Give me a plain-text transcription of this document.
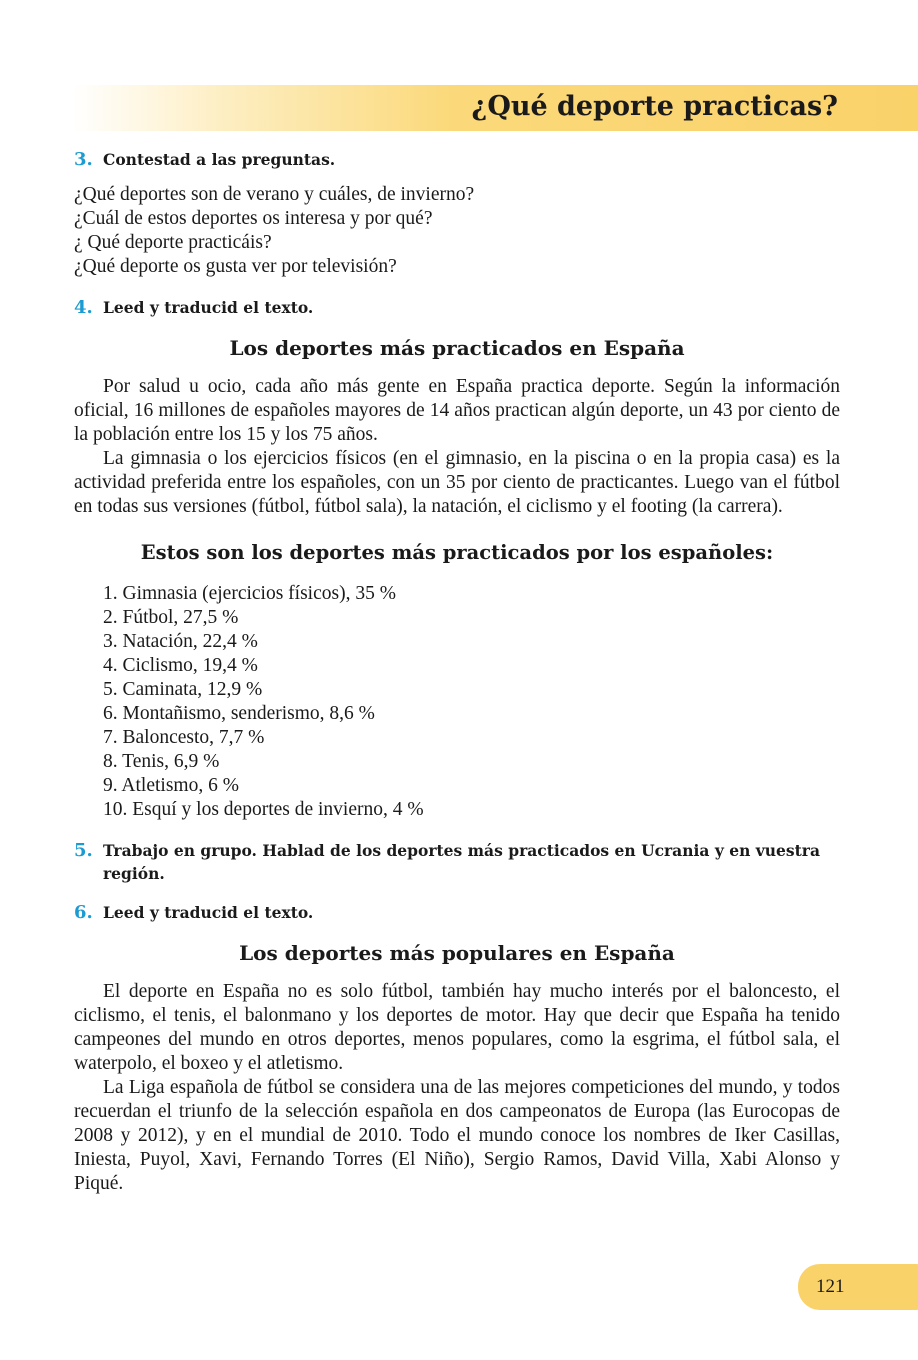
¿Qué deporte practicas?
3. Contestad a las preguntas.
¿Qué deportes son de verano y cuáles, de invierno?
¿Cuál de estos deportes os interesa y por qué?
¿ Qué deporte practicáis?
¿Qué deporte os gusta ver por televisión?
4. Leed y traducid el texto.
Los deportes más practicados en España

Por salud u ocio, cada año más gente en España practica deporte. Según la información oficial, 16 millones de españoles mayores de 14 años practican algún deporte, un 43 por ciento de la población entre los 15 y los 75 años.

La gimnasia o los ejercicios físicos (en el gimnasio, en la piscina o en la propia casa) es la actividad preferida entre los españoles, con un 35 por ciento de practicantes. Luego van el fútbol en todas sus versiones (fútbol, fútbol sala), la natación, el ciclismo y el footing (la carrera).

Estos son los deportes más practicados por los españoles:
1. Gimnasia (ejercicios físicos), 35 %
2. Fútbol, 27,5 %
3. Natación, 22,4 %
4. Ciclismo, 19,4 %
5. Caminata, 12,9 %
6. Montañismo, senderismo, 8,6 %
7. Baloncesto, 7,7 %
8. Tenis, 6,9 %
9. Atletismo, 6 %
10. Esquí y los deportes de invierno, 4 %
5. Trabajo en grupo. Hablad de los deportes más practicados en Ucrania y en vuestra región.
6. Leed y traducid el texto.
Los deportes más populares en España

El deporte en España no es solo fútbol, también hay mucho interés por el baloncesto, el ciclismo, el tenis, el balonmano y los deportes de motor. Hay que decir que España ha tenido campeones del mundo en otros deportes, menos populares, como la esgrima, el fútbol sala, el waterpolo, el boxeo y el atletismo.

La Liga española de fútbol se considera una de las mejores competiciones del mundo, y todos recuerdan el triunfo de la selección española en dos campeonatos de Europa (las Eurocopas de 2008 y 2012), y en el mundial de 2010. Todo el mundo conoce los nombres de Iker Casillas, Iniesta, Puyol, Xavi, Fernando Torres (El Niño), Sergio Ramos, David Villa, Xabi Alonso y Piqué.

121
